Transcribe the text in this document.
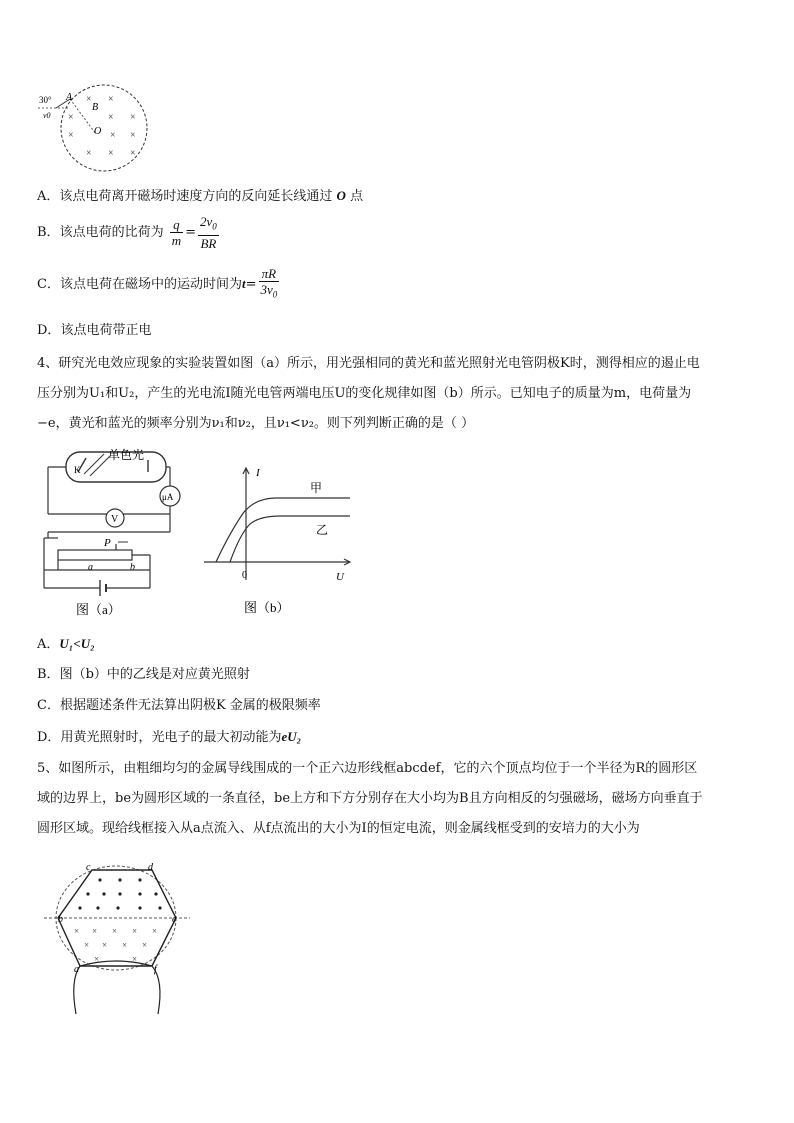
30° A
B
O
v0
× ×
×	× ×
×	× ×
× × ×
A．该点电荷离开磁场时速度方向的反向延长线通过 O 点
B．该点电荷的比荷为 $\frac{q}{m} = \frac{2v_0}{BR}$
C．该点电荷在磁场中的运动时间为$t= \frac{\pi R}{3v_0}$
D．该点电荷带正电
4、研究光电效应现象的实验装置如图（a）所示，用光强相同的黄光和蓝光照射光电管阴极K时，测得相应的遏止电
压分别为U₁和U₂，产生的光电流I随光电管两端电压U的变化规律如图（b）所示。已知电子的质量为m，电荷量为
−e，黄光和蓝光的频率分别为ν₁和ν₂，且ν₁<ν₂。则下列判断正确的是（ ）
K
单色光
μA
V
P
a	b
图（a）
I
U
0
甲
乙
图（b）
A．U₁<U₂
B．图（b）中的乙线是对应黄光照射
C．根据题述条件无法算出阴极K 金属的极限频率
D．用黄光照射时，光电子的最大初动能为eU₂
5、如图所示，由粗细均匀的金属导线围成的一个正六边形线框abcdef，它的六个顶点均位于一个半径为R的圆形区
域的边界上，be为圆形区域的一条直径，be上方和下方分别存在大小均为B且方向相反的匀强磁场，磁场方向垂直于
圆形区域。现给线框接入从a点流入、从f点流出的大小为I的恒定电流，则金属线框受到的安培力的大小为
c	d
b	e
a	f
× × × × ×
× × × ×
×	×
